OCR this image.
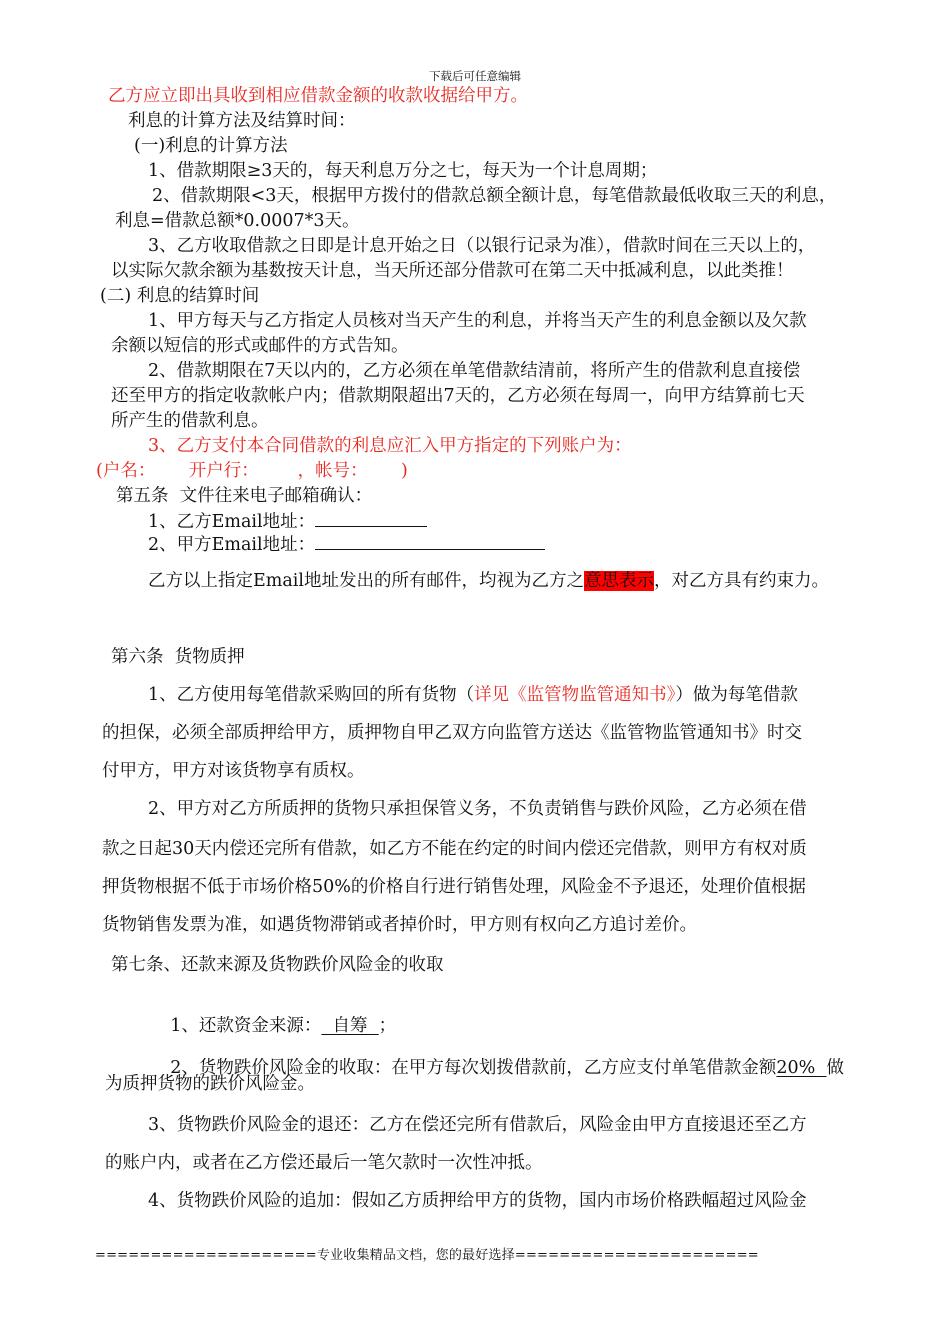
下载后可任意编辑
乙方应立即出具收到相应借款金额的收款收据给甲方。
利息的计算方法及结算时间：
(一)利息的计算方法
1、借款期限≥3天的，每天利息万分之七，每天为一个计息周期；
2、借款期限<3天，根据甲方拨付的借款总额全额计息，每笔借款最低收取三天的利息，
利息=借款总额*0.0007*3天。
3、乙方收取借款之日即是计息开始之日（以银行记录为准），借款时间在三天以上的，
以实际欠款余额为基数按天计息，当天所还部分借款可在第二天中抵减利息，以此类推！
(二) 利息的结算时间
1、甲方每天与乙方指定人员核对当天产生的利息，并将当天产生的利息金额以及欠款
余额以短信的形式或邮件的方式告知。
2、借款期限在7天以内的，乙方必须在单笔借款结清前，将所产生的借款利息直接偿
还至甲方的指定收款帐户内；借款期限超出7天的，乙方必须在每周一，向甲方结算前七天
所产生的借款利息。
3、乙方支付本合同借款的利息应汇入甲方指定的下列账户为：
(户名：      开户行：       ，帐号：      )
第五条  文件往来电子邮箱确认：
1、乙方Email地址：
2、甲方Email地址：
乙方以上指定Email地址发出的所有邮件，均视为乙方之意思表示，对乙方具有约束力。
第六条  货物质押
1、乙方使用每笔借款采购回的所有货物（详见《监管物监管通知书》）做为每笔借款
的担保，必须全部质押给甲方，质押物自甲乙双方向监管方送达《监管物监管通知书》时交
付甲方，甲方对该货物享有质权。
2、甲方对乙方所质押的货物只承担保管义务，不负责销售与跌价风险，乙方必须在借
款之日起30天内偿还完所有借款，如乙方不能在约定的时间内偿还完借款，则甲方有权对质
押货物根据不低于市场价格50%的价格自行进行销售处理，风险金不予退还，处理价值根据
货物销售发票为准，如遇货物滞销或者掉价时，甲方则有权向乙方追讨差价。
第七条、还款来源及货物跌价风险金的收取

1、还款资金来源：  自筹  ；

2、货物跌价风险金的收取：在甲方每次划拨借款前，乙方应支付单笔借款金额20%  做

为质押货物的跌价风险金。
3、货物跌价风险金的退还：乙方在偿还完所有借款后，风险金由甲方直接退还至乙方
的账户内，或者在乙方偿还最后一笔欠款时一次性冲抵。
4、货物跌价风险的追加：假如乙方质押给甲方的货物，国内市场价格跌幅超过风险金
====================专业收集精品文档，您的最好选择======================
